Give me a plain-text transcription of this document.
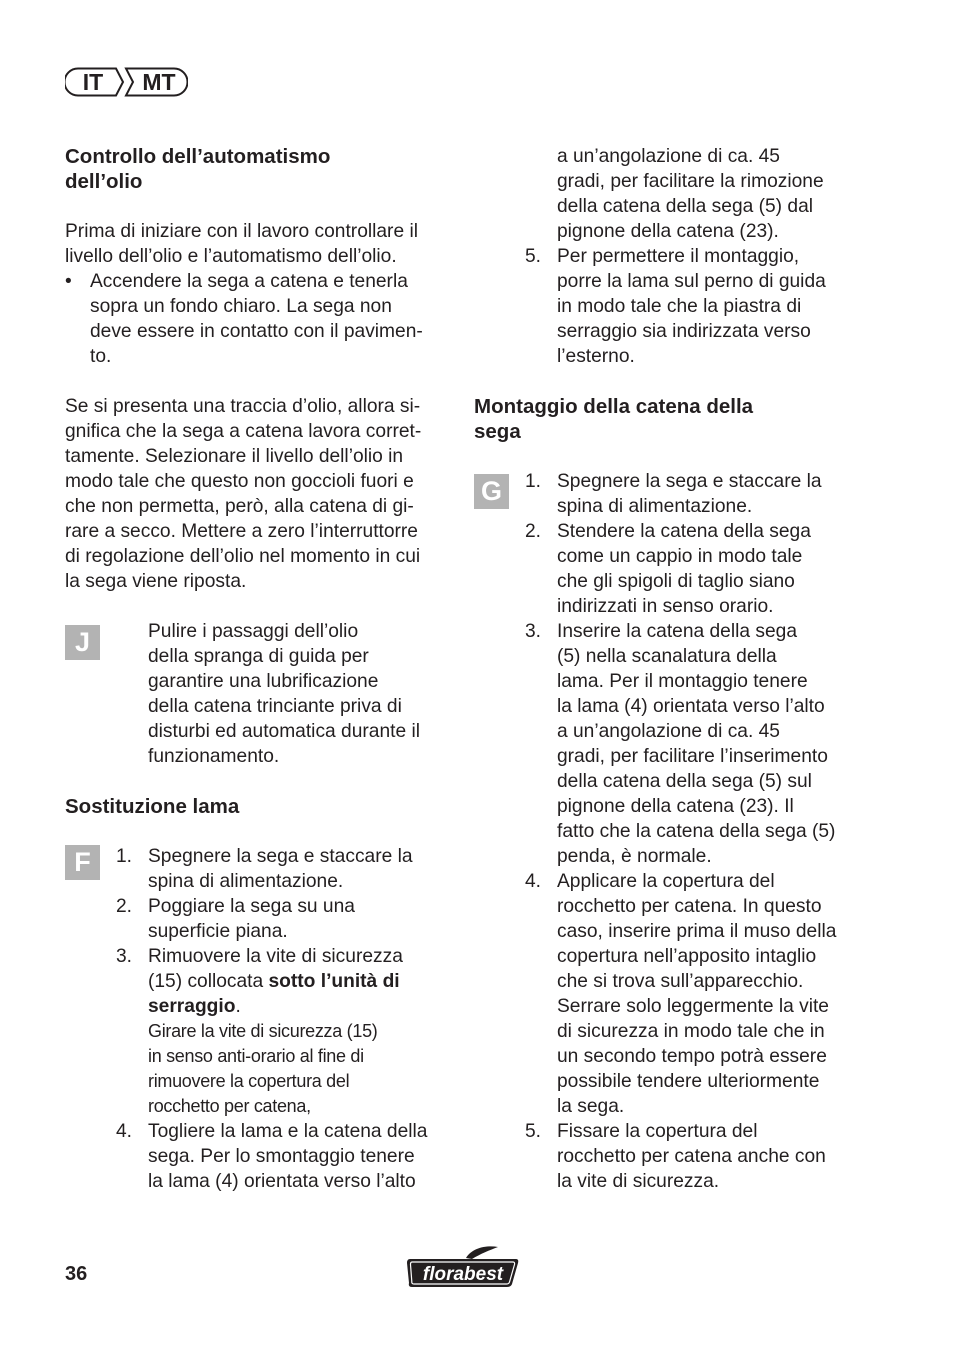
IT	MT
Controllo dell’automatismo
dell’olio
Prima di iniziare con il lavoro controllare il
livello dell’olio e l’automatismo dell’olio.
• Accendere la sega a catena e tenerla
sopra un fondo chiaro. La sega non
deve essere in contatto con il pavimen-
to.
Se si presenta una traccia d’olio, allora si-
gnifica che la sega a catena lavora corret-
tamente. Selezionare il livello dell’olio in
modo tale che questo non goccioli fuori e
che non permetta, però, alla catena di gi-
rare a secco. Mettere a zero l’interruttorre
di regolazione dell’olio nel momento in cui
la sega viene riposta.
J	Pulire i passaggi dell’olio
della spranga di guida per
garantire una lubrificazione
della catena trinciante priva di
disturbi ed automatica durante il
funzionamento.
Sostituzione lama
F	1. Spegnere la sega e staccare la
spina di alimentazione.
2. Poggiare la sega su una
superficie piana.
3. Rimuovere la vite di sicurezza
(15) collocata sotto l’unità di
serraggio.
Girare la vite di sicurezza (15)
in senso anti-orario al fine di
rimuovere la copertura del
rocchetto per catena,
4. Togliere la lama e la catena della
sega. Per lo smontaggio tenere
la lama (4) orientata verso l’alto
a un’angolazione di ca. 45
gradi, per facilitare la rimozione
della catena della sega (5) dal
pignone della catena (23).
5. Per permettere il montaggio,
porre la lama sul perno di guida
in modo tale che la piastra di
serraggio sia indirizzata verso
l’esterno.
Montaggio della catena della
sega
G	1. Spegnere la sega e staccare la
spina di alimentazione.
2. Stendere la catena della sega
come un cappio in modo tale
che gli spigoli di taglio siano
indirizzati in senso orario.
3. Inserire la catena della sega
(5) nella scanalatura della
lama. Per il montaggio tenere
la lama (4) orientata verso l’alto
a un’angolazione di ca. 45
gradi, per facilitare l’inserimento
della catena della sega (5) sul
pignone della catena (23). Il
fatto che la catena della sega (5)
penda, è normale.
4. Applicare la copertura del
rocchetto per catena. In questo
caso, inserire prima il muso della
copertura nell’apposito intaglio
che si trova sull’apparecchio.
Serrare solo leggermente la vite
di sicurezza in modo tale che in
un secondo tempo potrà essere
possibile tendere ulteriormente
la sega.
5. Fissare la copertura del
rocchetto per catena anche con
la vite di sicurezza.
36	florabest
